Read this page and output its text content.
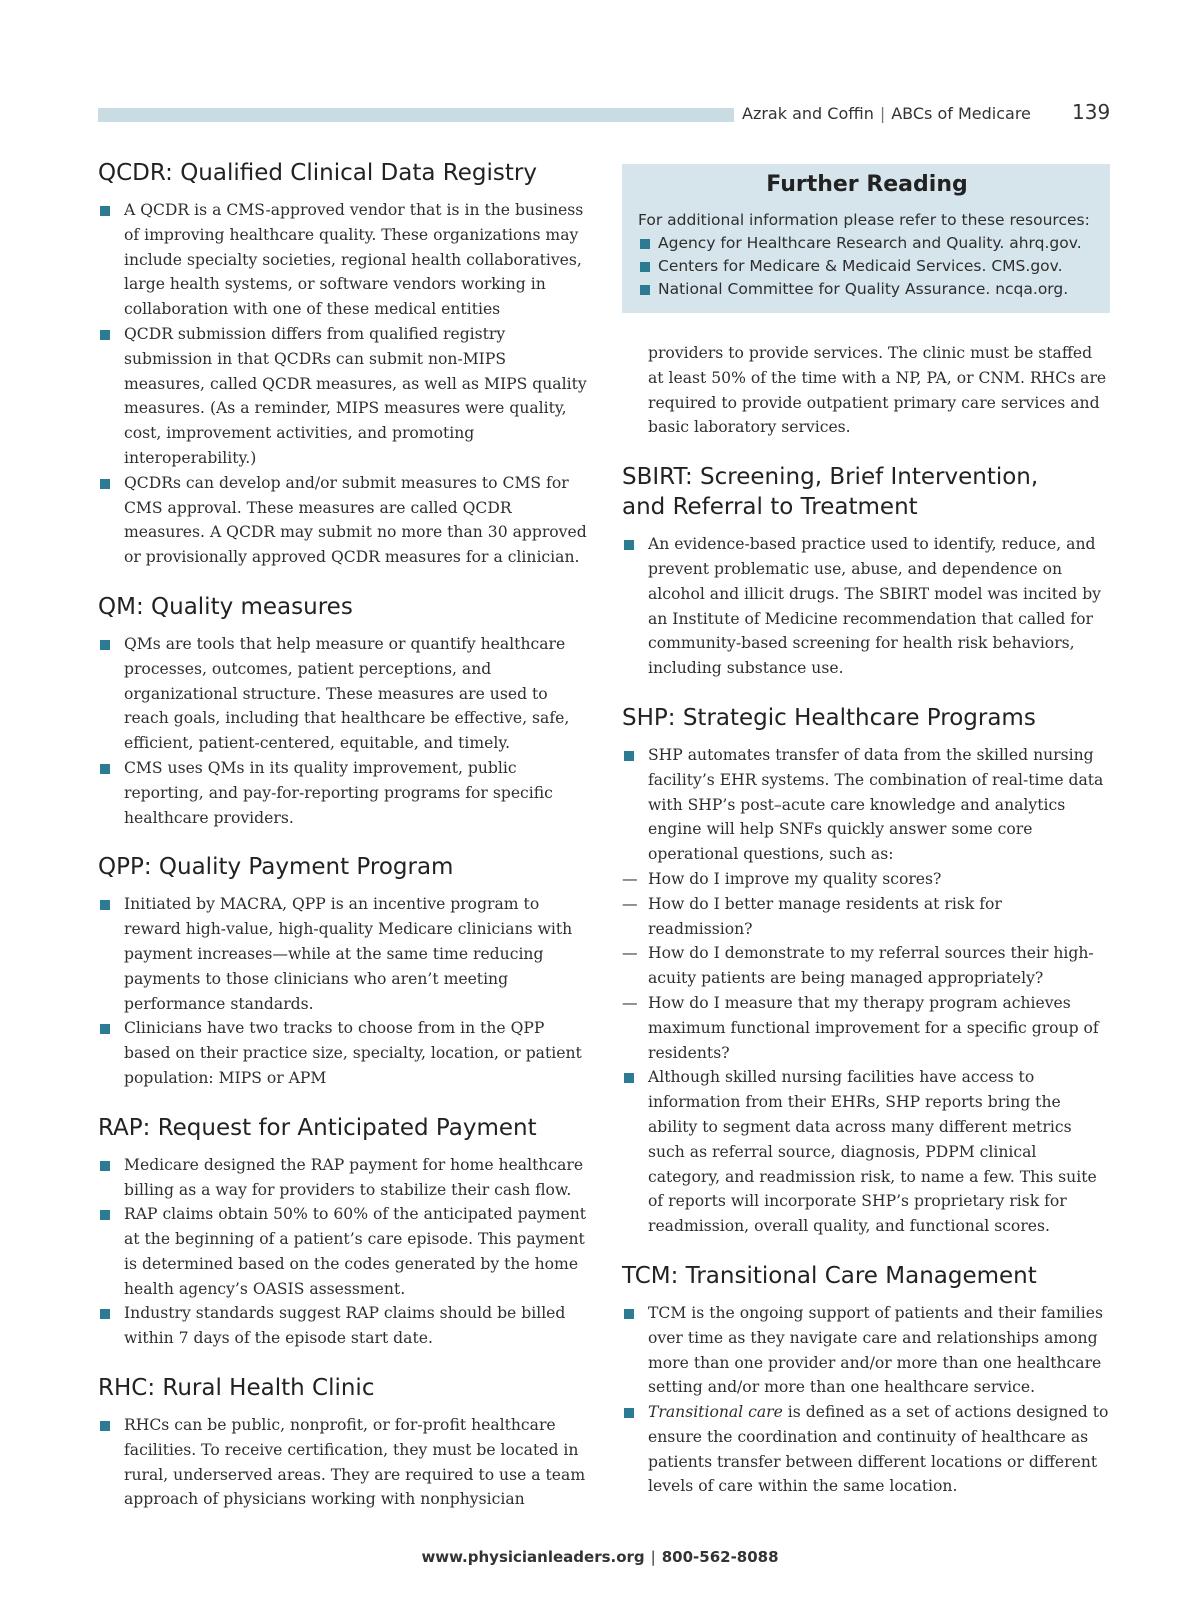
Azrak and Coffin | ABCs of Medicare 139
QCDR: Qualified Clinical Data Registry
A QCDR is a CMS-approved vendor that is in the business of improving healthcare quality. These organizations may include specialty societies, regional health collaboratives, large health systems, or software vendors working in collaboration with one of these medical entities
QCDR submission differs from qualified registry submission in that QCDRs can submit non-MIPS measures, called QCDR measures, as well as MIPS quality measures. (As a reminder, MIPS measures were quality, cost, improvement activities, and promoting interoperability.)
QCDRs can develop and/or submit measures to CMS for CMS approval. These measures are called QCDR measures. A QCDR may submit no more than 30 approved or provisionally approved QCDR measures for a clinician.
QM: Quality measures
QMs are tools that help measure or quantify healthcare processes, outcomes, patient perceptions, and organizational structure. These measures are used to reach goals, including that healthcare be effective, safe, efficient, patient-centered, equitable, and timely.
CMS uses QMs in its quality improvement, public reporting, and pay-for-reporting programs for specific healthcare providers.
QPP: Quality Payment Program
Initiated by MACRA, QPP is an incentive program to reward high-value, high-quality Medicare clinicians with payment increases—while at the same time reducing payments to those clinicians who aren’t meeting performance standards.
Clinicians have two tracks to choose from in the QPP based on their practice size, specialty, location, or patient population: MIPS or APM
RAP: Request for Anticipated Payment
Medicare designed the RAP payment for home healthcare billing as a way for providers to stabilize their cash flow.
RAP claims obtain 50% to 60% of the anticipated payment at the beginning of a patient’s care episode. This payment is determined based on the codes generated by the home health agency’s OASIS assessment.
Industry standards suggest RAP claims should be billed within 7 days of the episode start date.
RHC: Rural Health Clinic
RHCs can be public, nonprofit, or for-profit healthcare facilities. To receive certification, they must be located in rural, underserved areas. They are required to use a team approach of physicians working with nonphysician
Further Reading
For additional information please refer to these resources:
Agency for Healthcare Research and Quality. ahrq.gov.
Centers for Medicare & Medicaid Services. CMS.gov.
National Committee for Quality Assurance. ncqa.org.

providers to provide services. The clinic must be staffed at least 50% of the time with a NP, PA, or CNM. RHCs are required to provide outpatient primary care services and basic laboratory services.

SBIRT: Screening, Brief Intervention,
and Referral to Treatment
An evidence-based practice used to identify, reduce, and prevent problematic use, abuse, and dependence on alcohol and illicit drugs. The SBIRT model was incited by an Institute of Medicine recommendation that called for community-based screening for health risk behaviors, including substance use.
SHP: Strategic Healthcare Programs
SHP automates transfer of data from the skilled nursing facility’s EHR systems. The combination of real-time data with SHP’s post–acute care knowledge and analytics engine will help SNFs quickly answer some core operational questions, such as:
— How do I improve my quality scores?
— How do I better manage residents at risk for readmission?
— How do I demonstrate to my referral sources their high-acuity patients are being managed appropriately?
— How do I measure that my therapy program achieves maximum functional improvement for a specific group of residents?
Although skilled nursing facilities have access to information from their EHRs, SHP reports bring the ability to segment data across many different metrics such as referral source, diagnosis, PDPM clinical category, and readmission risk, to name a few. This suite of reports will incorporate SHP’s proprietary risk for readmission, overall quality, and functional scores.
TCM: Transitional Care Management
TCM is the ongoing support of patients and their families over time as they navigate care and relationships among more than one provider and/or more than one healthcare setting and/or more than one healthcare service.
Transitional care is defined as a set of actions designed to ensure the coordination and continuity of healthcare as patients transfer between different locations or different levels of care within the same location.
www.physicianleaders.org | 800-562-8088
